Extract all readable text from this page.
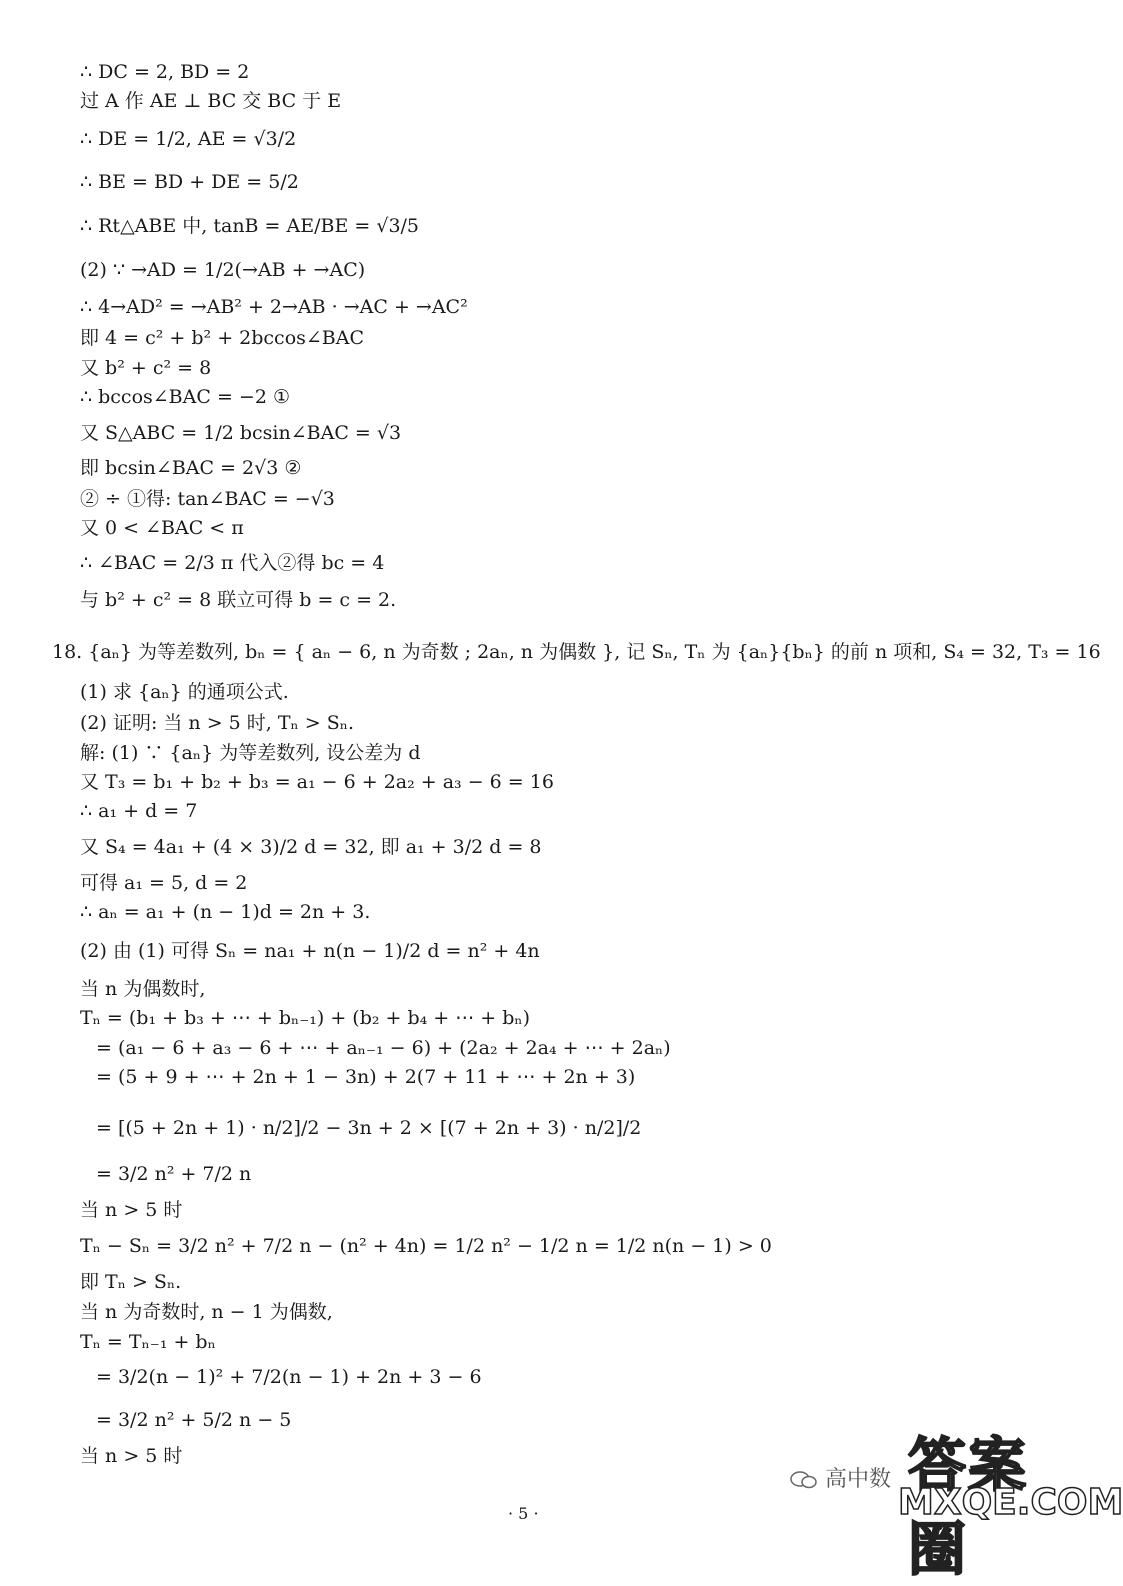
∴ DC = 2, BD = 2
过 A 作 AE ⊥ BC 交 BC 于 E
∴ DE = 1/2, AE = √3/2
∴ BE = BD + DE = 5/2
∴ Rt△ABE 中, tanB = AE/BE = √3/5
(2) ∵ →AD = 1/2(→AB + →AC)
∴ 4→AD² = →AB² + 2→AB · →AC + →AC²
即 4 = c² + b² + 2bccos∠BAC
又 b² + c² = 8
∴ bccos∠BAC = −2 ①
又 S△ABC = 1/2 bcsin∠BAC = √3
即 bcsin∠BAC = 2√3 ②
② ÷ ①得: tan∠BAC = −√3
又 0 < ∠BAC < π
∴ ∠BAC = 2/3 π 代入②得 bc = 4
与 b² + c² = 8 联立可得 b = c = 2.
18. {aₙ} 为等差数列, bₙ = { aₙ − 6, n 为奇数 ; 2aₙ, n 为偶数 }, 记 Sₙ, Tₙ 为 {aₙ}{bₙ} 的前 n 项和, S₄ = 32, T₃ = 16
(1) 求 {aₙ} 的通项公式.
(2) 证明: 当 n > 5 时, Tₙ > Sₙ.
解: (1) ∵ {aₙ} 为等差数列, 设公差为 d
又 T₃ = b₁ + b₂ + b₃ = a₁ − 6 + 2a₂ + a₃ − 6 = 16
∴ a₁ + d = 7
又 S₄ = 4a₁ + (4 × 3)/2 d = 32, 即 a₁ + 3/2 d = 8
可得 a₁ = 5, d = 2
∴ aₙ = a₁ + (n − 1)d = 2n + 3.
(2) 由 (1) 可得 Sₙ = na₁ + n(n − 1)/2 d = n² + 4n
当 n 为偶数时,
Tₙ = (b₁ + b₃ + ⋯ + bₙ₋₁) + (b₂ + b₄ + ⋯ + bₙ)
= (a₁ − 6 + a₃ − 6 + ⋯ + aₙ₋₁ − 6) + (2a₂ + 2a₄ + ⋯ + 2aₙ)
= (5 + 9 + ⋯ + 2n + 1 − 3n) + 2(7 + 11 + ⋯ + 2n + 3)
= [(5 + 2n + 1) · n/2]/2 − 3n + 2 × [(7 + 2n + 3) · n/2]/2
= 3/2 n² + 7/2 n
当 n > 5 时
Tₙ − Sₙ = 3/2 n² + 7/2 n − (n² + 4n) = 1/2 n² − 1/2 n = 1/2 n(n − 1) > 0
即 Tₙ > Sₙ.
当 n 为奇数时, n − 1 为偶数,
Tₙ = Tₙ₋₁ + bₙ
= 3/2(n − 1)² + 7/2(n − 1) + 2n + 3 − 6
= 3/2 n² + 5/2 n − 5
当 n > 5 时
高中数 答案圈
MXQE.COM
· 5 ·
